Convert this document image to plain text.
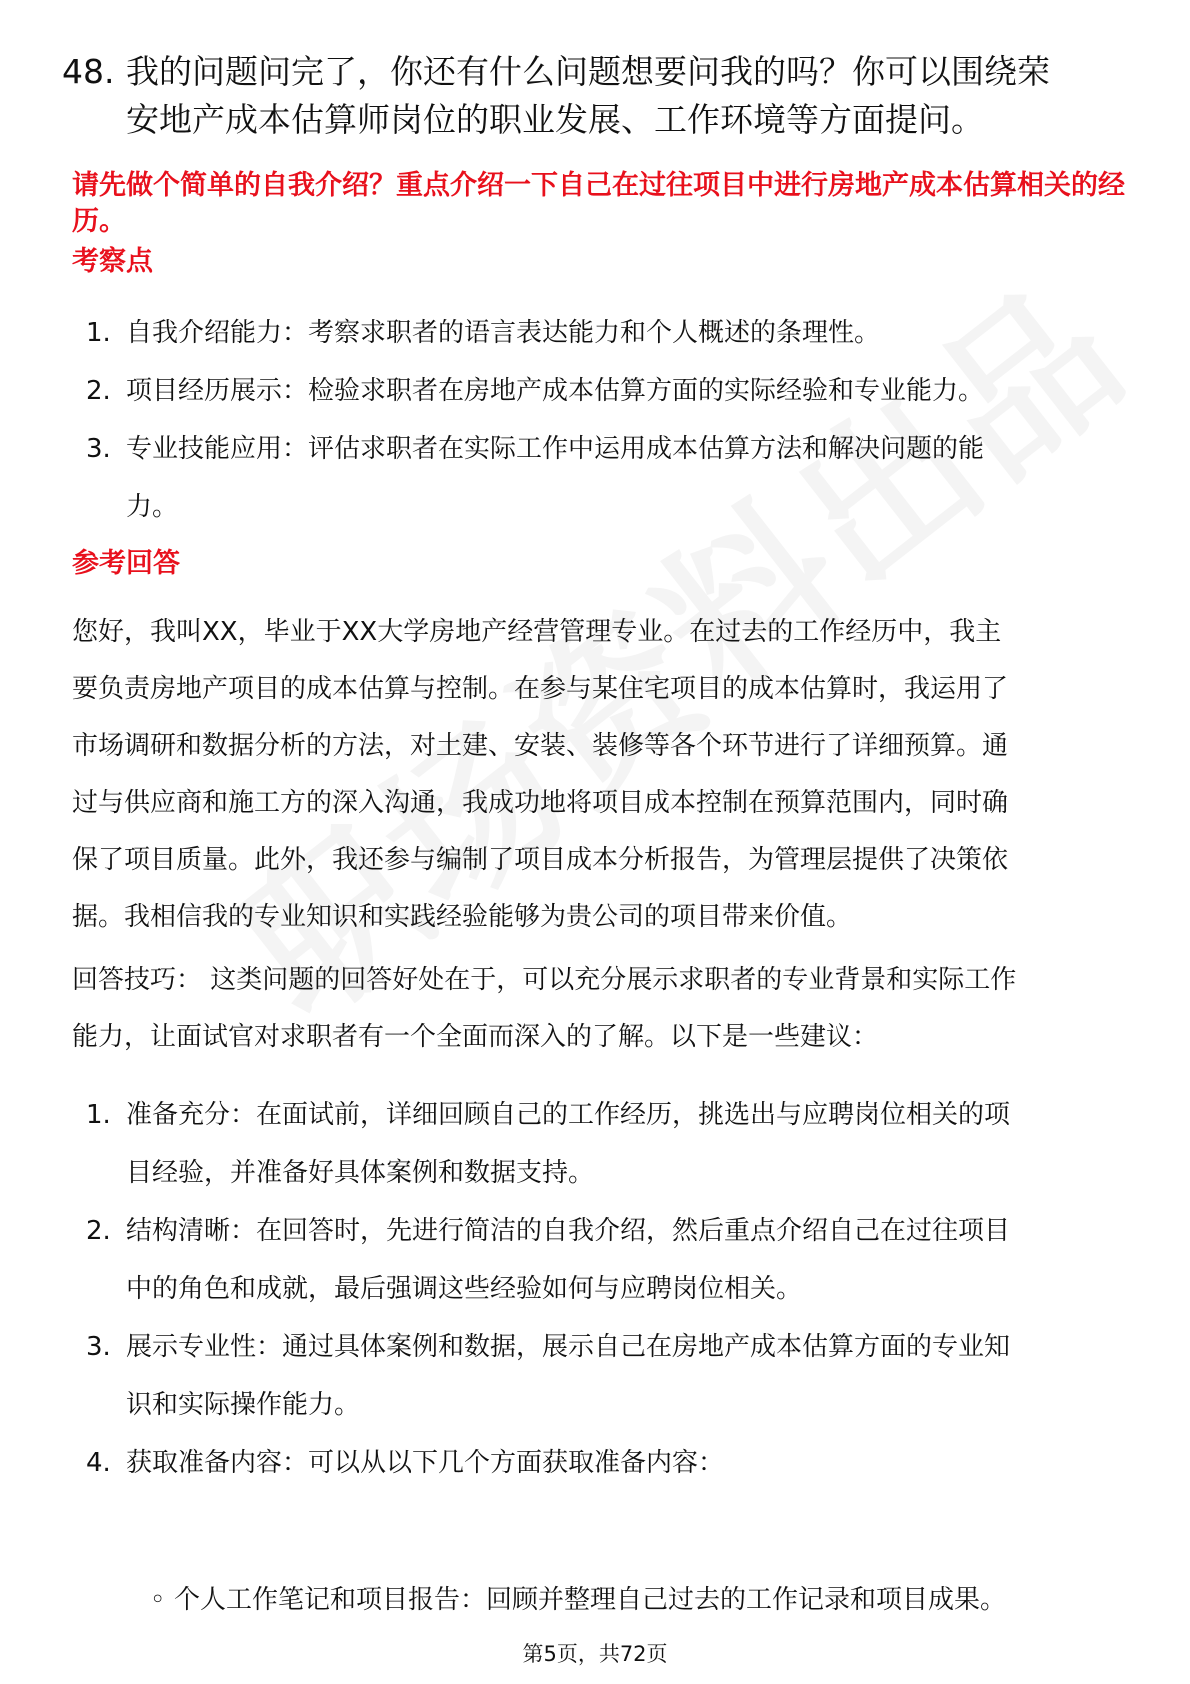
48. 我的问题问完了，你还有什么问题想要问我的吗？你可以围绕荣
安地产成本估算师岗位的职业发展、工作环境等方面提问。
请先做个简单的自我介绍？重点介绍一下自己在过往项目中进行房地产成本估算相关的经历。
考察点
1. 自我介绍能力：考察求职者的语言表达能力和个人概述的条理性。
2. 项目经历展示：检验求职者在房地产成本估算方面的实际经验和专业能力。
3. 专业技能应用：评估求职者在实际工作中运用成本估算方法和解决问题的能
力。
参考回答
您好，我叫XX，毕业于XX大学房地产经营管理专业。在过去的工作经历中，我主
要负责房地产项目的成本估算与控制。在参与某住宅项目的成本估算时，我运用了
市场调研和数据分析的方法，对土建、安装、装修等各个环节进行了详细预算。通
过与供应商和施工方的深入沟通，我成功地将项目成本控制在预算范围内，同时确
保了项目质量。此外，我还参与编制了项目成本分析报告，为管理层提供了决策依
据。我相信我的专业知识和实践经验能够为贵公司的项目带来价值。
回答技巧： 这类问题的回答好处在于，可以充分展示求职者的专业背景和实际工作
能力，让面试官对求职者有一个全面而深入的了解。以下是一些建议：
1. 准备充分：在面试前，详细回顾自己的工作经历，挑选出与应聘岗位相关的项
目经验，并准备好具体案例和数据支持。
2. 结构清晰：在回答时，先进行简洁的自我介绍，然后重点介绍自己在过往项目
中的角色和成就，最后强调这些经验如何与应聘岗位相关。
3. 展示专业性：通过具体案例和数据，展示自己在房地产成本估算方面的专业知
识和实际操作能力。
4. 获取准备内容：可以从以下几个方面获取准备内容：
◦ 个人工作笔记和项目报告：回顾并整理自己过去的工作记录和项目成果。
第5页，共72页
